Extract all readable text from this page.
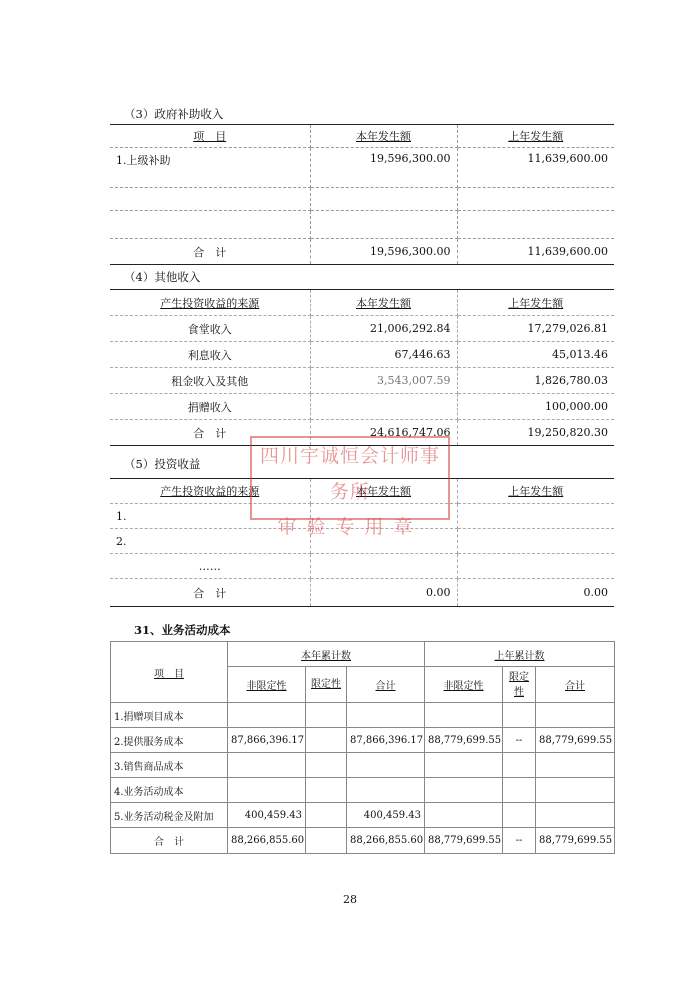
（3）政府补助收入
项　目	本年发生额	上年发生额
1.上级补助	19,596,300.00	11,639,600.00

合　计	19,596,300.00	11,639,600.00
（4）其他收入
产生投资收益的来源	本年发生额	上年发生额
食堂收入	21,006,292.84	17,279,026.81
利息收入	67,446.63	45,013.46
租金收入及其他	3,543,007.59	1,826,780.03
捐赠收入		100,000.00
合　计	24,616,747.06	19,250,820.30
（5）投资收益
产生投资收益的来源	本年发生额	上年发生额
1.		
2.		
……		
合　计	0.00	0.00
四川宇诚恒会计师事务所
审验专用章
31、业务活动成本
项　目	本年累计数			上年累计数		
	非限定性	限定性	合计	非限定性	限定性	合计
1.捐赠项目成本						
2.提供服务成本	87,866,396.17		87,866,396.17	88,779,699.55	--	88,779,699.55
3.销售商品成本						
4.业务活动成本						
5.业务活动税金及附加	400,459.43		400,459.43			
合　计	88,266,855.60		88,266,855.60	88,779,699.55	--	88,779,699.55
28
